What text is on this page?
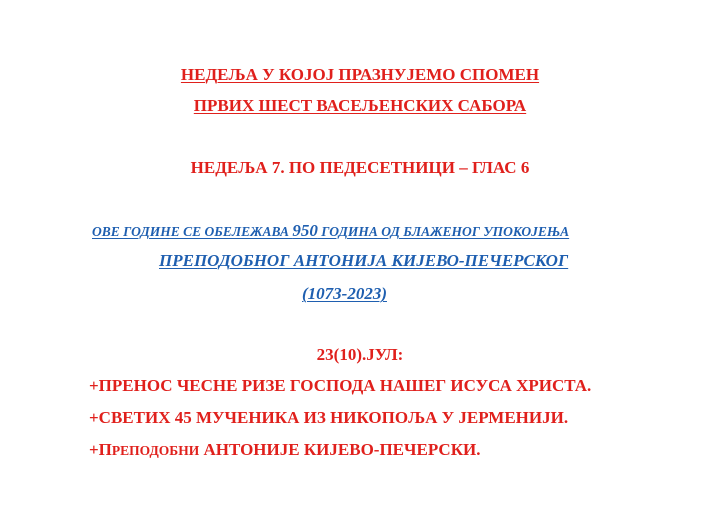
НЕДЕЉА У КОЈОЈ ПРАЗНУЈЕМО СПОМЕН
ПРВИХ ШЕСТ ВАСЕЉЕНСКИХ САБОРА
НЕДЕЉА 7. ПО ПЕДЕСЕТНИЦИ – ГЛАС 6
ОВЕ ГОДИНЕ СЕ ОБЕЛЕЖАВА 950 ГОДИНА ОД БЛАЖЕНОГ УПОКОЈЕЊА
ПРЕПОДОБНОГ АНТОНИЈА КИЈЕВО-ПЕЧЕРСКОГ
(1073-2023)
23(10).ЈУЛ:
+ПРЕНОС ЧЕСНЕ РИЗЕ ГОСПОДА НАШЕГ ИСУСА ХРИСТА.
+СВЕТИХ 45 МУЧЕНИКА ИЗ НИКОПОЉА У ЈЕРМЕНИЈИ.
+ПРЕПОДОБНИ АНТОНИЈЕ КИЈЕВО-ПЕЧЕРСКИ.
